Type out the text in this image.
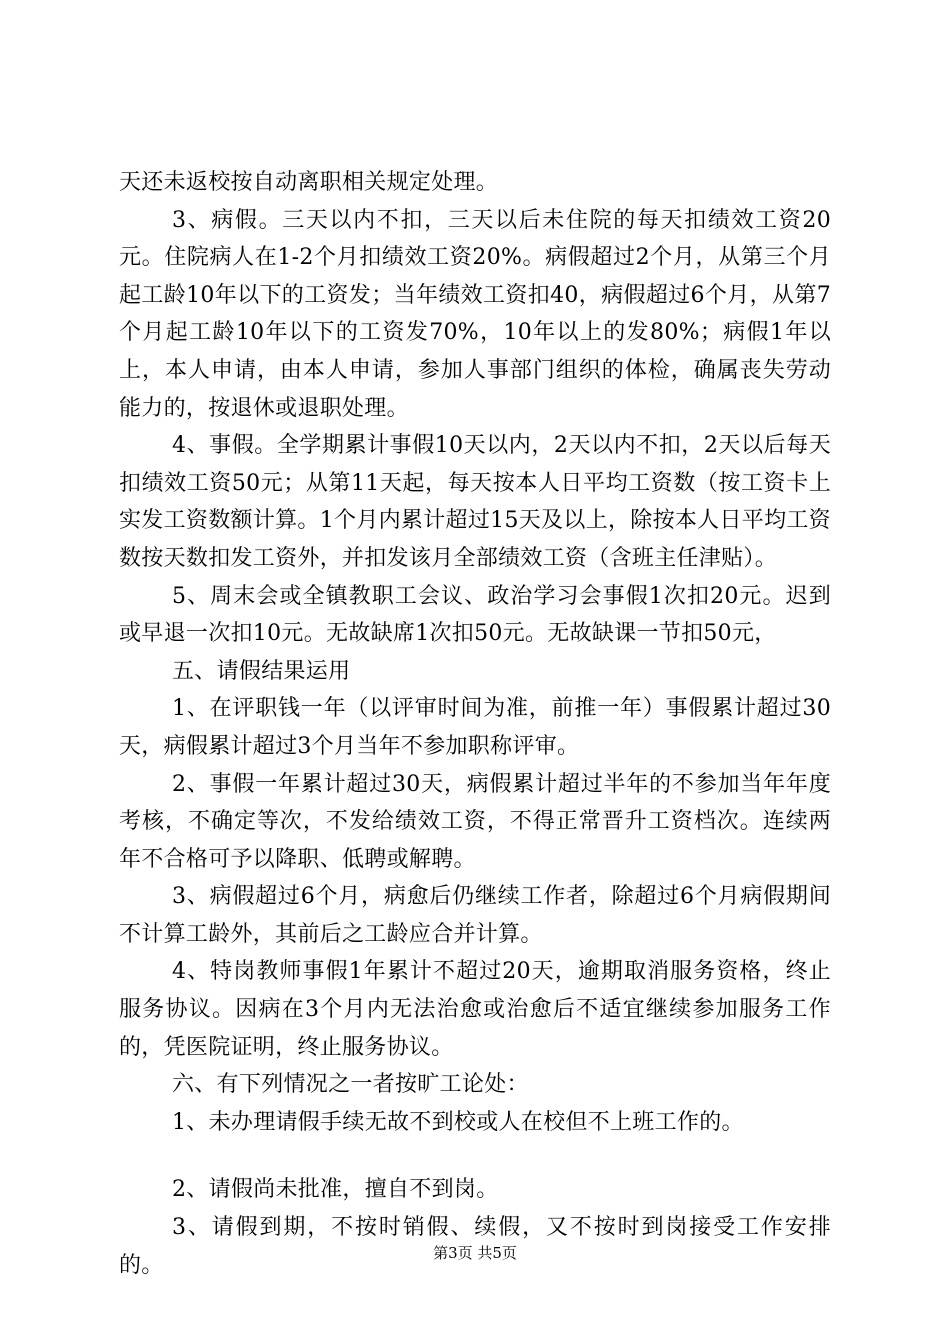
天还未返校按自动离职相关规定处理。

3、病假。三天以内不扣，三天以后未住院的每天扣绩效工资20元。住院病人在1-2个月扣绩效工资20%。病假超过2个月，从第三个月起工龄10年以下的工资发；当年绩效工资扣40，病假超过6个月，从第7个月起工龄10年以下的工资发70%，10年以上的发80%；病假1年以上，本人申请，由本人申请，参加人事部门组织的体检，确属丧失劳动能力的，按退休或退职处理。

4、事假。全学期累计事假10天以内，2天以内不扣，2天以后每天扣绩效工资50元；从第11天起，每天按本人日平均工资数（按工资卡上实发工资数额计算。1个月内累计超过15天及以上，除按本人日平均工资数按天数扣发工资外，并扣发该月全部绩效工资（含班主任津贴）。

5、周末会或全镇教职工会议、政治学习会事假1次扣20元。迟到或早退一次扣10元。无故缺席1次扣50元。无故缺课一节扣50元，

五、请假结果运用

1、在评职钱一年（以评审时间为准，前推一年）事假累计超过30天，病假累计超过3个月当年不参加职称评审。

2、事假一年累计超过30天，病假累计超过半年的不参加当年年度考核，不确定等次，不发给绩效工资，不得正常晋升工资档次。连续两年不合格可予以降职、低聘或解聘。

3、病假超过6个月，病愈后仍继续工作者，除超过6个月病假期间不计算工龄外，其前后之工龄应合并计算。

4、特岗教师事假1年累计不超过20天，逾期取消服务资格，终止服务协议。因病在3个月内无法治愈或治愈后不适宜继续参加服务工作的，凭医院证明，终止服务协议。

六、有下列情况之一者按旷工论处：

1、未办理请假手续无故不到校或人在校但不上班工作的。

2、请假尚未批准，擅自不到岗。

3、请假到期，不按时销假、续假，又不按时到岗接受工作安排的。	第3页 共5页
